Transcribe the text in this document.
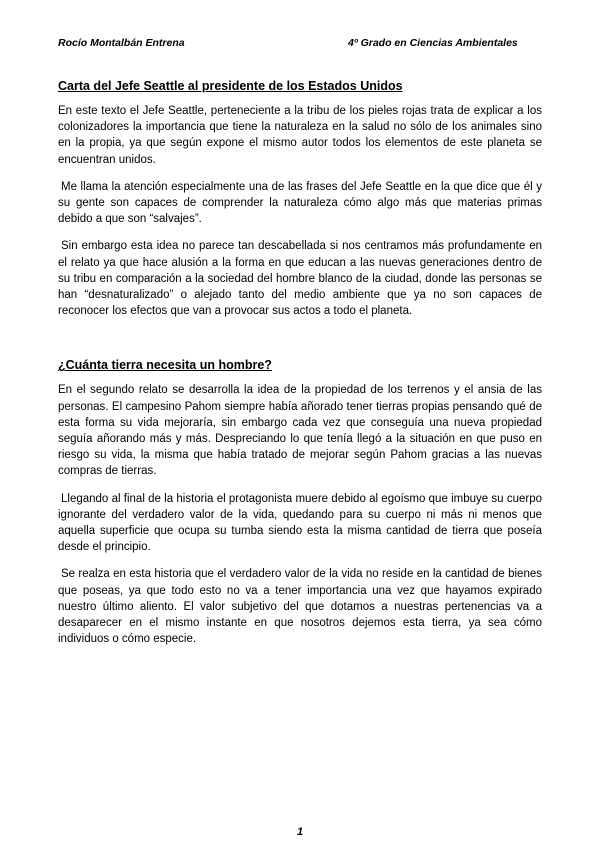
Rocío Montalbán Entrena	4º Grado en Ciencias Ambientales
Carta del Jefe Seattle al presidente de los Estados Unidos

En este texto el Jefe Seattle, perteneciente a la tribu de los pieles rojas trata de explicar a los colonizadores la importancia que tiene la naturaleza en la salud no sólo de los animales sino en la propia, ya que según expone el mismo autor todos los elementos de este planeta se encuentran unidos.

Me llama la atención especialmente una de las frases del Jefe Seattle en la que dice que él y su gente son capaces de comprender la naturaleza cómo algo más que materias primas debido a que son “salvajes”.

Sin embargo esta idea no parece tan descabellada si nos centramos más profundamente en el relato ya que hace alusión a la forma en que educan a las nuevas generaciones dentro de su tribu en comparación a la sociedad del hombre blanco de la ciudad, donde las personas se han “desnaturalizado” o alejado tanto del medio ambiente que ya no son capaces de reconocer los efectos que van a provocar sus actos a todo el planeta.

¿Cuánta tierra necesita un hombre?

En el segundo relato se desarrolla la idea de la propiedad de los terrenos y el ansia de las personas. El campesino Pahom siempre había añorado tener tierras propias pensando qué de esta forma su vida mejoraría, sin embargo cada vez que conseguía una nueva propiedad seguía añorando más y más. Despreciando lo que tenía llegó a la situación en que puso en riesgo su vida, la misma que había tratado de mejorar según Pahom gracias a las nuevas compras de tierras.

Llegando al final de la historia el protagonista muere debido al egoísmo que imbuye su cuerpo ignorante del verdadero valor de la vida, quedando para su cuerpo ni más ni menos que aquella superficie que ocupa su tumba siendo esta la misma cantidad de tierra que poseía desde el principio.

Se realza en esta historia que el verdadero valor de la vida no reside en la cantidad de bienes que poseas, ya que todo esto no va a tener importancia una vez que hayamos expirado nuestro último aliento. El valor subjetivo del que dotamos a nuestras pertenencias va a desaparecer en el mismo instante en que nosotros dejemos esta tierra, ya sea cómo individuos o cómo especie.

1
